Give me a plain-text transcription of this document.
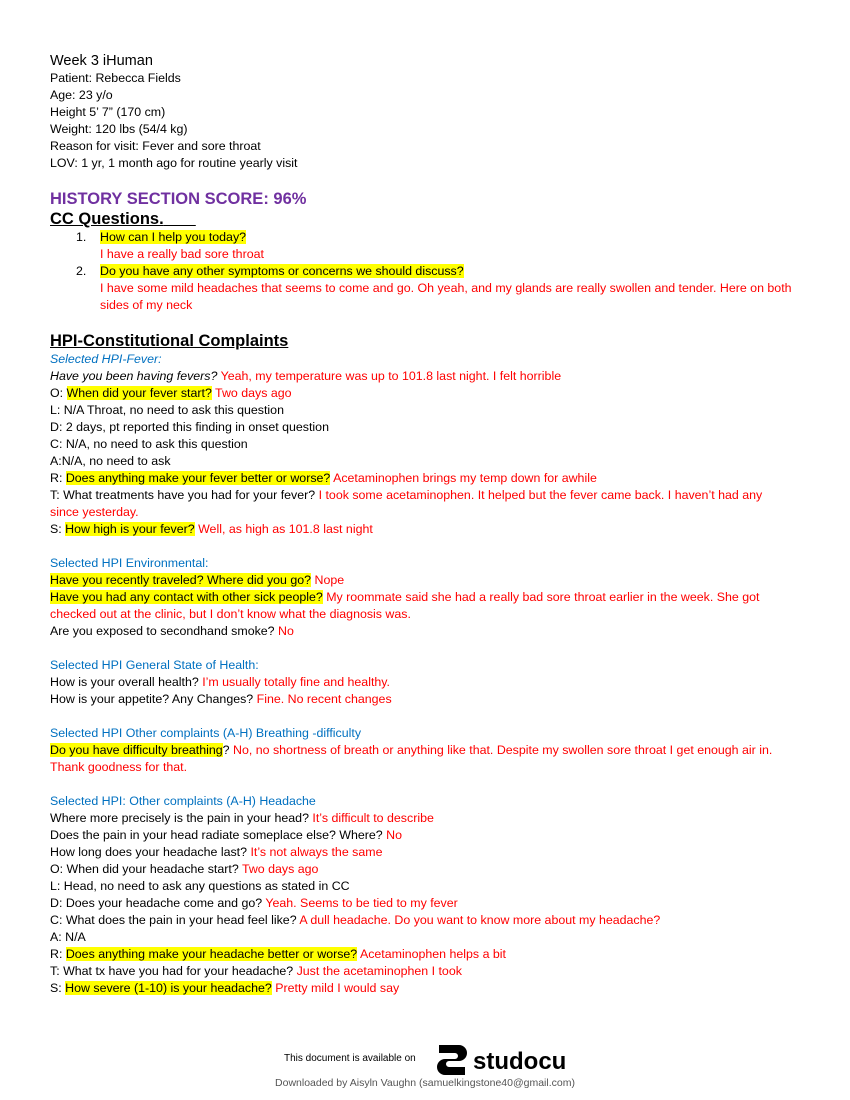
Week 3 iHuman
Patient: Rebecca Fields
Age: 23 y/o
Height 5’ 7” (170 cm)
Weight: 120 lbs (54/4 kg)
Reason for visit: Fever and sore throat
LOV: 1 yr, 1 month ago for routine yearly visit
HISTORY SECTION SCORE: 96%
CC Questions.
1. How can I help you today?
I have a really bad sore throat
2. Do you have any other symptoms or concerns we should discuss?
I have some mild headaches that seems to come and go. Oh yeah, and my glands are really swollen and tender. Here on both sides of my neck
HPI-Constitutional Complaints
Selected HPI-Fever:
Have you been having fevers? Yeah, my temperature was up to 101.8 last night. I felt horrible
O: When did your fever start? Two days ago
L: N/A Throat, no need to ask this question
D: 2 days, pt reported this finding in onset question
C: N/A, no need to ask this question
A:N/A, no need to ask
R: Does anything make your fever better or worse? Acetaminophen brings my temp down for awhile
T: What treatments have you had for your fever? I took some acetaminophen. It helped but the fever came back. I haven’t had any
since yesterday.
S: How high is your fever? Well, as high as 101.8 last night
Selected HPI Environmental:
Have you recently traveled? Where did you go? Nope
Have you had any contact with other sick people? My roommate said she had a really bad sore throat earlier in the week. She got
checked out at the clinic, but I don’t know what the diagnosis was.
Are you exposed to secondhand smoke? No
Selected HPI General State of Health:
How is your overall health? I’m usually totally fine and healthy.
How is your appetite? Any Changes? Fine. No recent changes
Selected HPI Other complaints (A-H) Breathing -difficulty
Do you have difficulty breathing? No, no shortness of breath or anything like that. Despite my swollen sore throat I get enough air in.
Thank goodness for that.
Selected HPI: Other complaints (A-H) Headache
Where more precisely is the pain in your head? It’s difficult to describe
Does the pain in your head radiate someplace else? Where? No
How long does your headache last? It’s not always the same
O: When did your headache start? Two days ago
L: Head, no need to ask any questions as stated in CC
D: Does your headache come and go? Yeah. Seems to be tied to my fever
C: What does the pain in your head feel like? A dull headache. Do you want to know more about my headache?
A: N/A
R: Does anything make your headache better or worse? Acetaminophen helps a bit
T: What tx have you had for your headache? Just the acetaminophen I took
S: How severe (1-10) is your headache? Pretty mild I would say
This document is available on studocu
Downloaded by Aisyln Vaughn (samuelkingstone40@gmail.com)
